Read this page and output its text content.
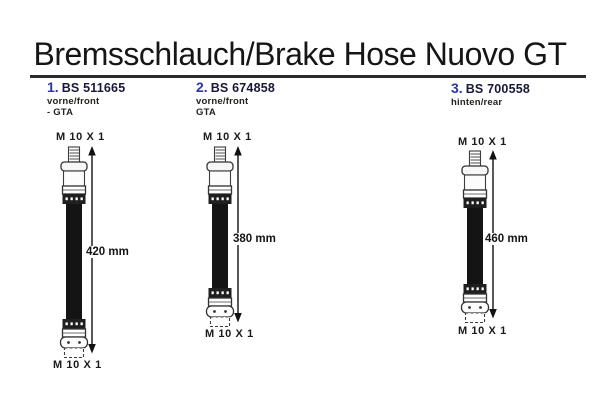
Bremsschlauch/Brake Hose Nuovo GT
1. BS 511665
vorne/front
- GTA
2. BS 674858
vorne/front
GTA
3. BS 700558
hinten/rear
M 10 X 1
M 10 X 1
M 10 X 1
M 10 X 1
M 10 X 1
M 10 X 1
420 mm
380 mm	460 mm
